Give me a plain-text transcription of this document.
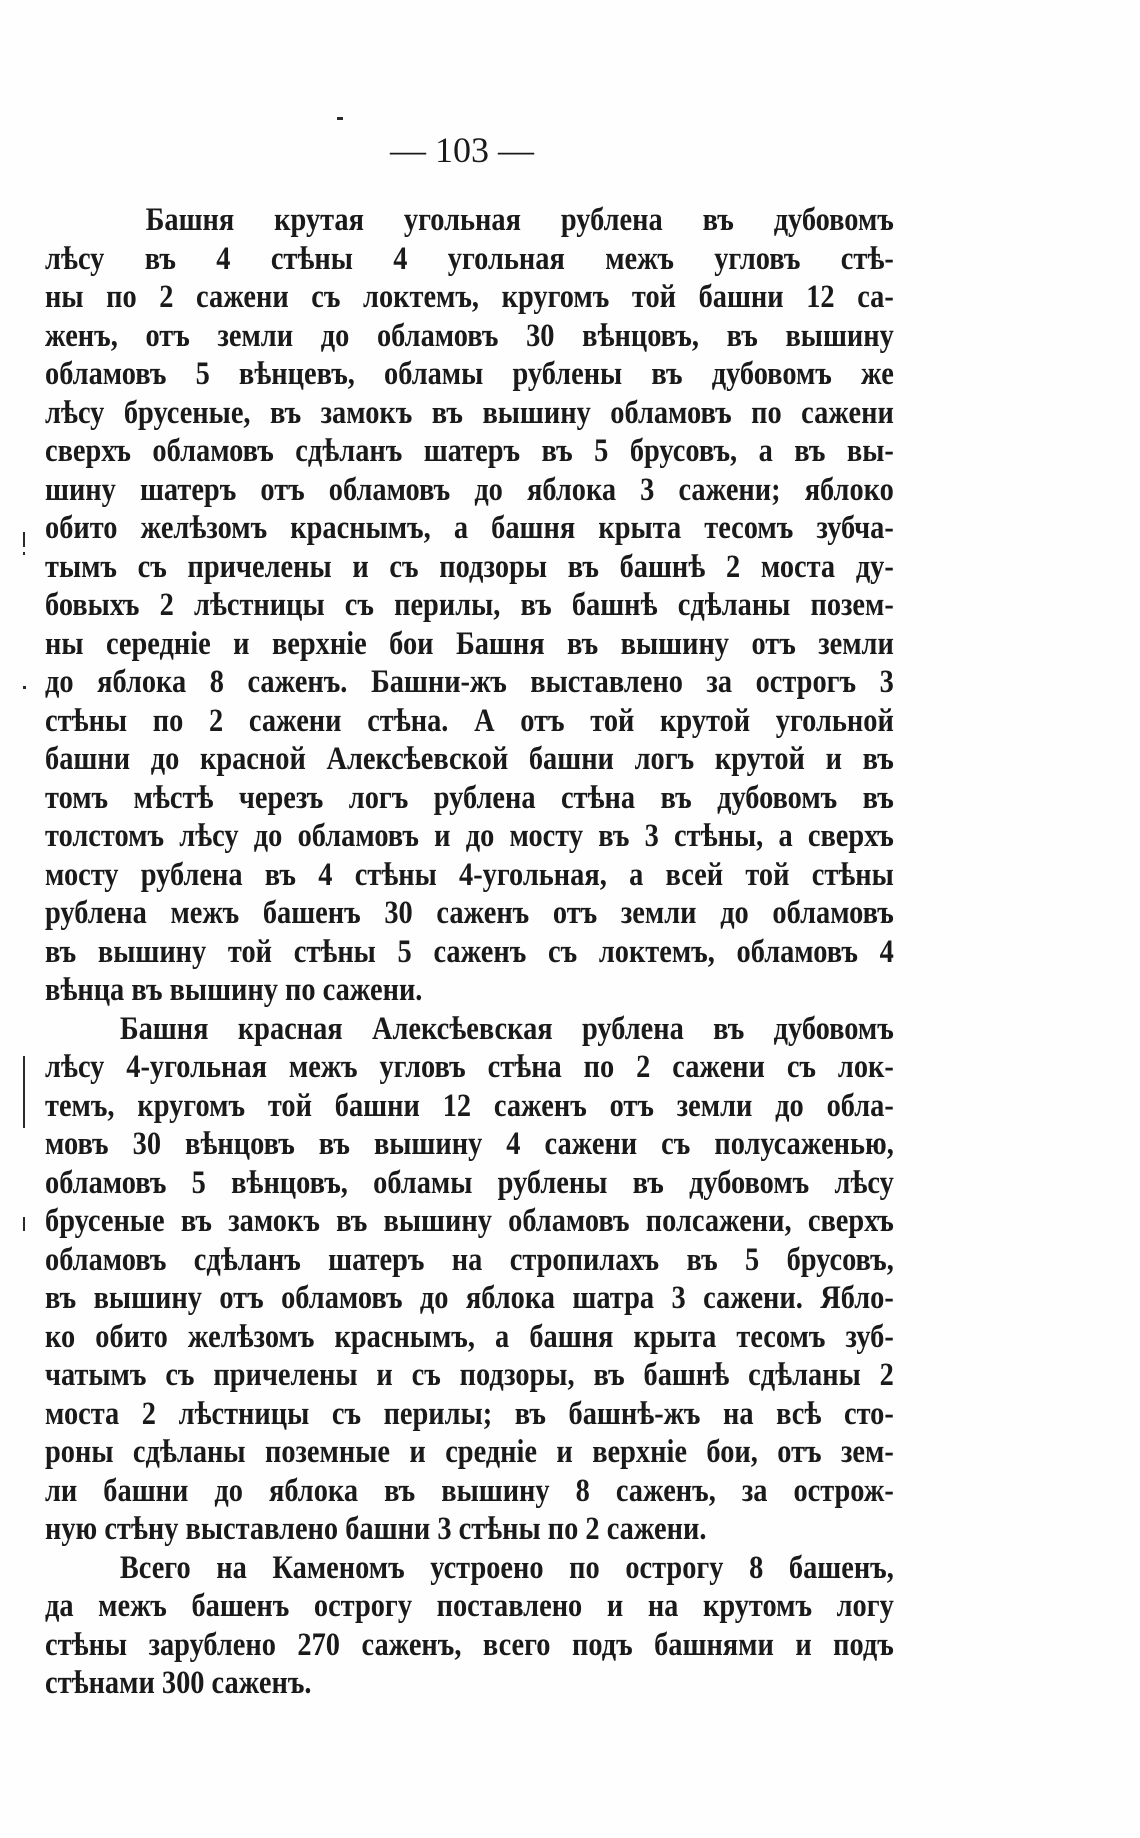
— 103 —
Башня крутая угольная рублена въ дубовомъ
лѣсу въ 4 стѣны 4 угольная межъ угловъ стѣ-
ны по 2 сажени съ локтемъ, кругомъ той башни 12 са-
женъ, отъ земли до обламовъ 30 вѣнцовъ, въ вышину
обламовъ 5 вѣнцевъ, обламы рублены въ дубовомъ же
лѣсу брусеные, въ замокъ въ вышину обламовъ по сажени
сверхъ обламовъ сдѣланъ шатеръ въ 5 брусовъ, а въ вы-
шину шатеръ отъ обламовъ до яблока 3 сажени; яблоко
обито желѣзомъ краснымъ, а башня крыта тесомъ зубча-
тымъ съ причелены и съ подзоры въ башнѣ 2 моста ду-
бовыхъ 2 лѣстницы съ перилы, въ башнѣ сдѣланы позем-
ны середніе и верхніе бои Башня въ вышину отъ земли
до яблока 8 саженъ. Башни-жъ выставлено за острогъ 3
стѣны по 2 сажени стѣна. А отъ той крутой угольной
башни до красной Алексѣевской башни логъ крутой и въ
томъ мѣстѣ черезъ логъ рублена стѣна въ дубовомъ въ
толстомъ лѣсу до обламовъ и до мосту въ 3 стѣны, а сверхъ
мосту рублена въ 4 стѣны 4-угольная, а всей той стѣны
рублена межъ башенъ 30 саженъ отъ земли до обламовъ
въ вышину той стѣны 5 саженъ съ локтемъ, обламовъ 4
вѣнца въ вышину по сажени.
Башня красная Алексѣевская рублена въ дубовомъ
лѣсу 4-угольная межъ угловъ стѣна по 2 сажени съ лок-
темъ, кругомъ той башни 12 саженъ отъ земли до обла-
мовъ 30 вѣнцовъ въ вышину 4 сажени съ полусаженью,
обламовъ 5 вѣнцовъ, обламы рублены въ дубовомъ лѣсу
брусеные въ замокъ въ вышину обламовъ полсажени, сверхъ
обламовъ сдѣланъ шатеръ на стропилахъ въ 5 брусовъ,
въ вышину отъ обламовъ до яблока шатра 3 сажени. Ябло-
ко обито желѣзомъ краснымъ, а башня крыта тесомъ зуб-
чатымъ съ причелены и съ подзоры, въ башнѣ сдѣланы 2
моста 2 лѣстницы съ перилы; въ башнѣ-жъ на всѣ сто-
роны сдѣланы поземные и средніе и верхніе бои, отъ зем-
ли башни до яблока въ вышину 8 саженъ, за острож-
ную стѣну выставлено башни 3 стѣны по 2 сажени.
Всего на Каменомъ устроено по острогу 8 башенъ,
да межъ башенъ острогу поставлено и на крутомъ логу
стѣны зарублено 270 саженъ, всего подъ башнями и подъ
стѣнами 300 саженъ.
